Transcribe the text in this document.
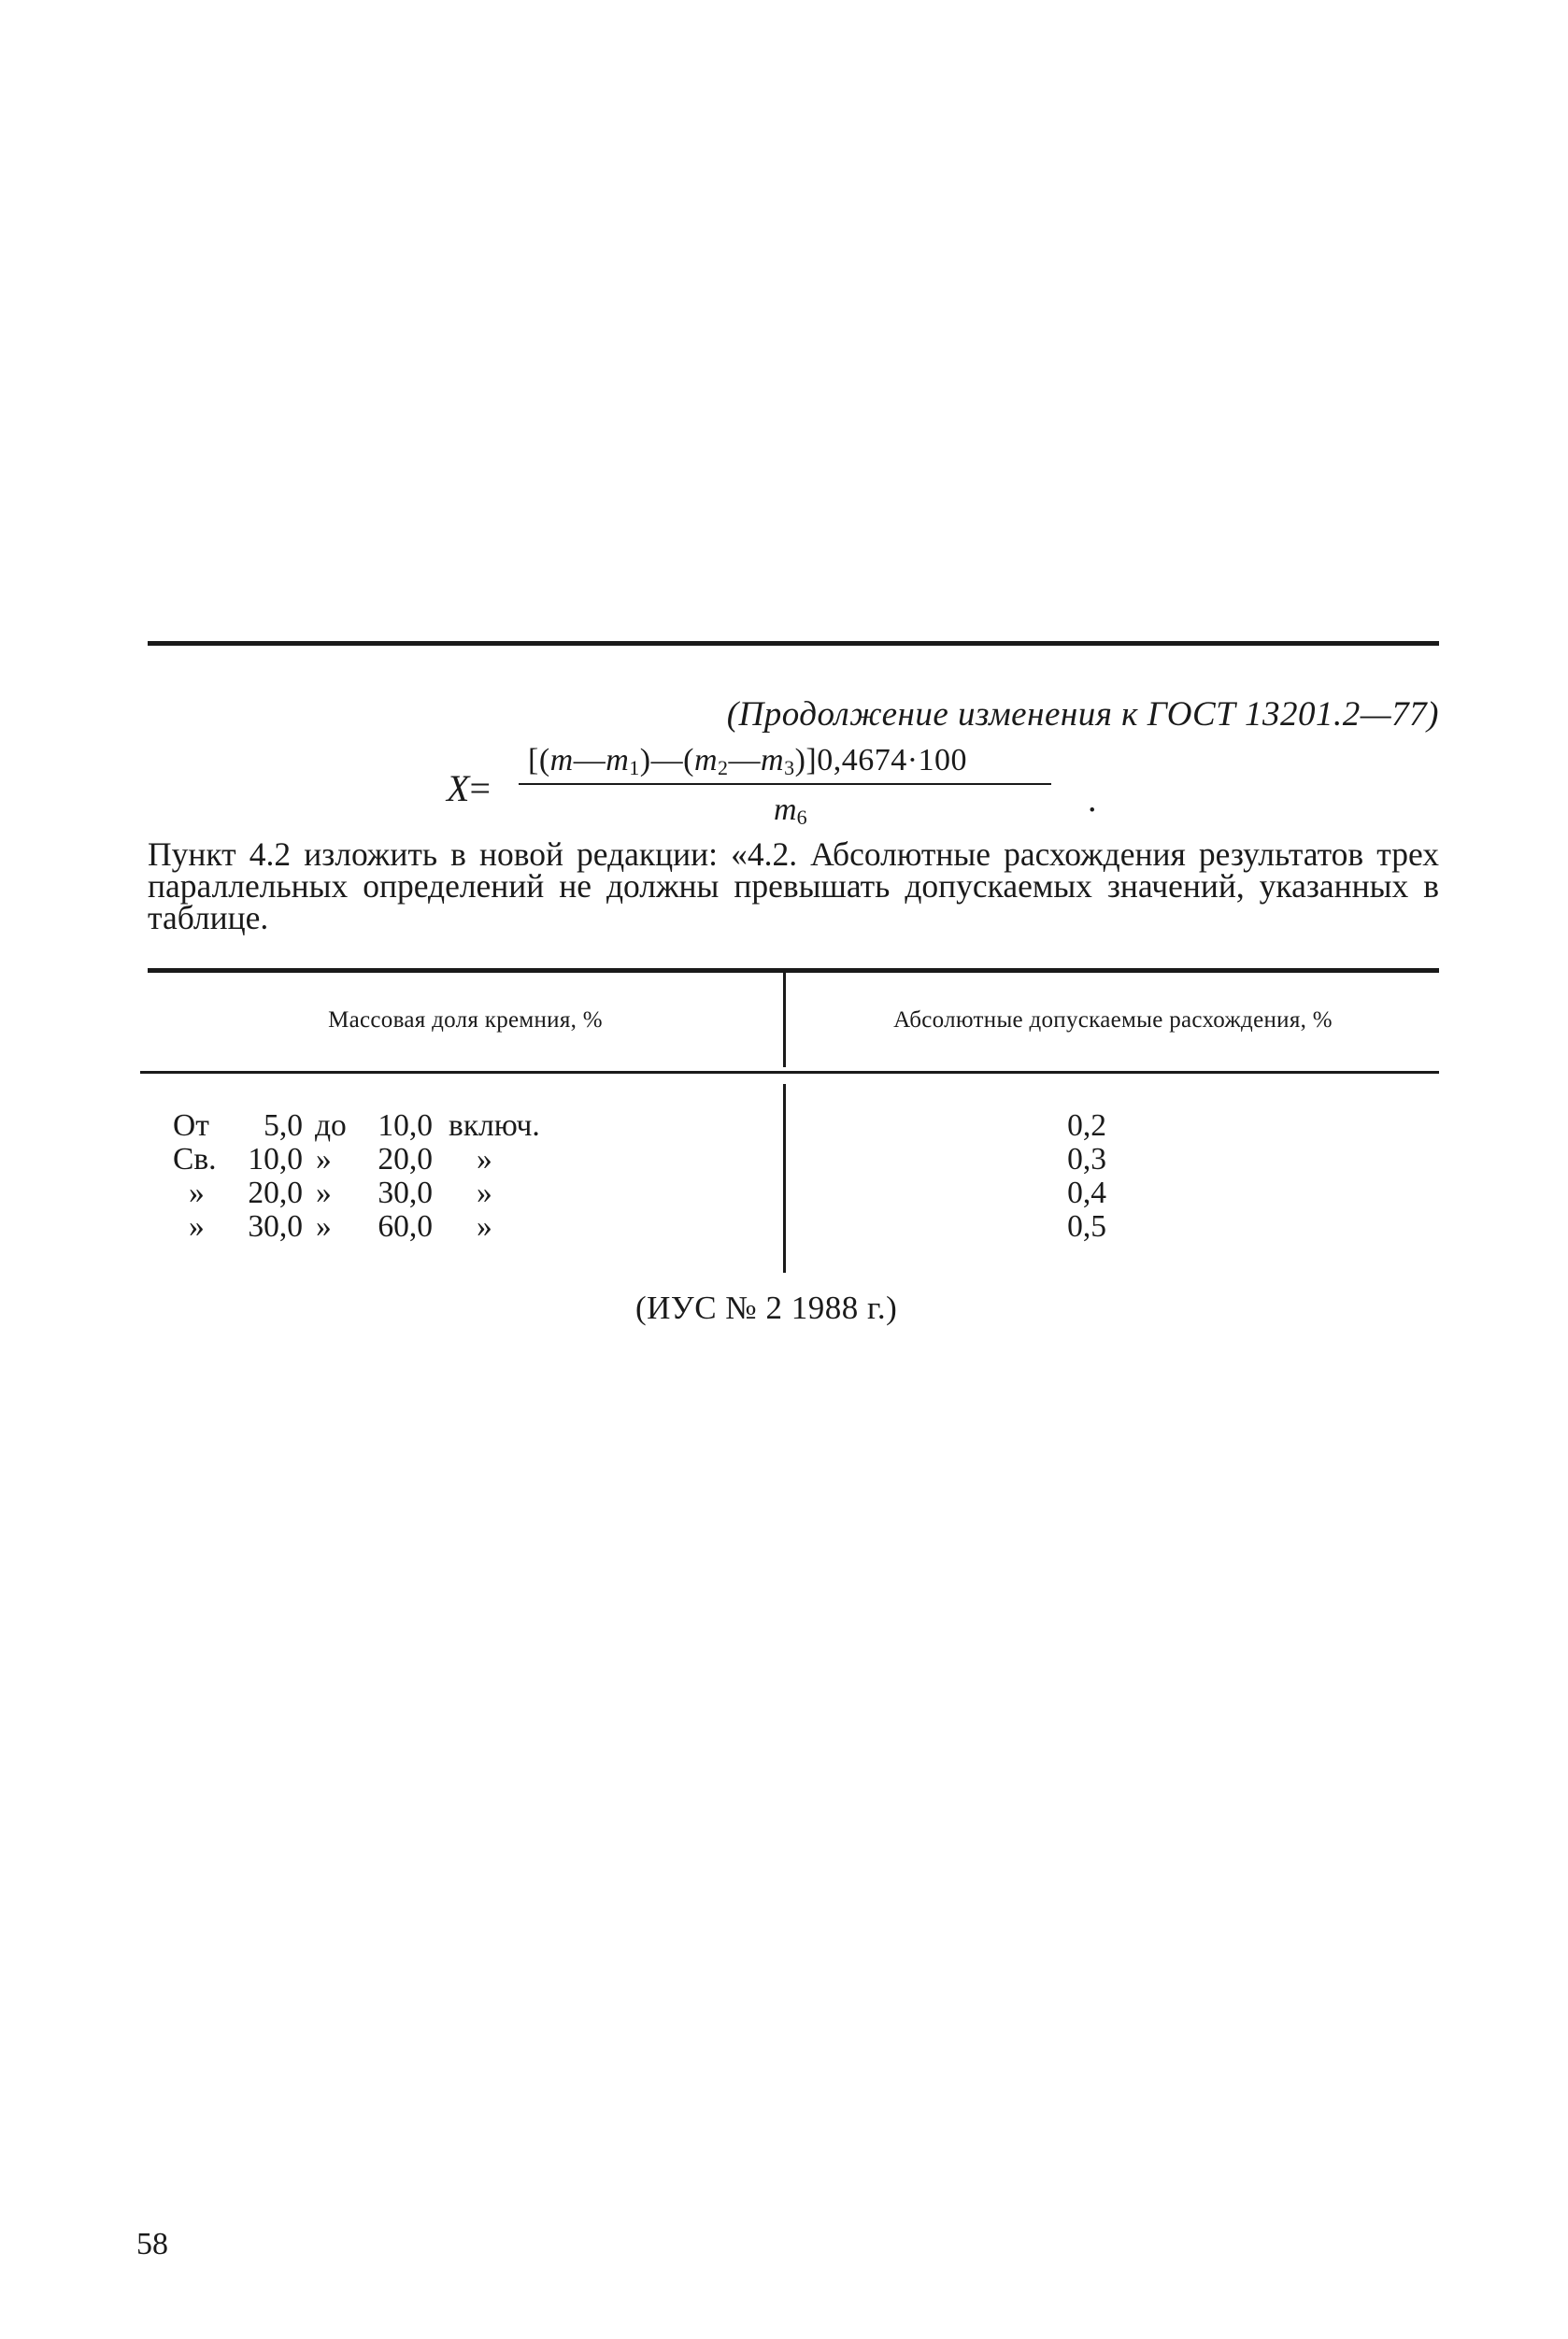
(Продолжение изменения к ГОСТ 13201.2—77)
X=
$[(m—m_1)—(m_2—m_3)]0,4674\cdot 100$
$m_6$	.
Пункт 4.2 изложить в новой редакции: «4.2. Абсолютные расхождения результатов трех параллельных определений не должны превышать допускаемых значений, указанных в таблице.
Массовая доля кремния, %	Абсолютные допускаемые расхождения, %
От	5,0 до	10,0 включ.	0,2
Св.	10,0 »	20,0 »	0,3
»	20,0 »	30,0 »	0,4
»	30,0 »	60,0 »	0,5
(ИУС № 2 1988 г.)
58
